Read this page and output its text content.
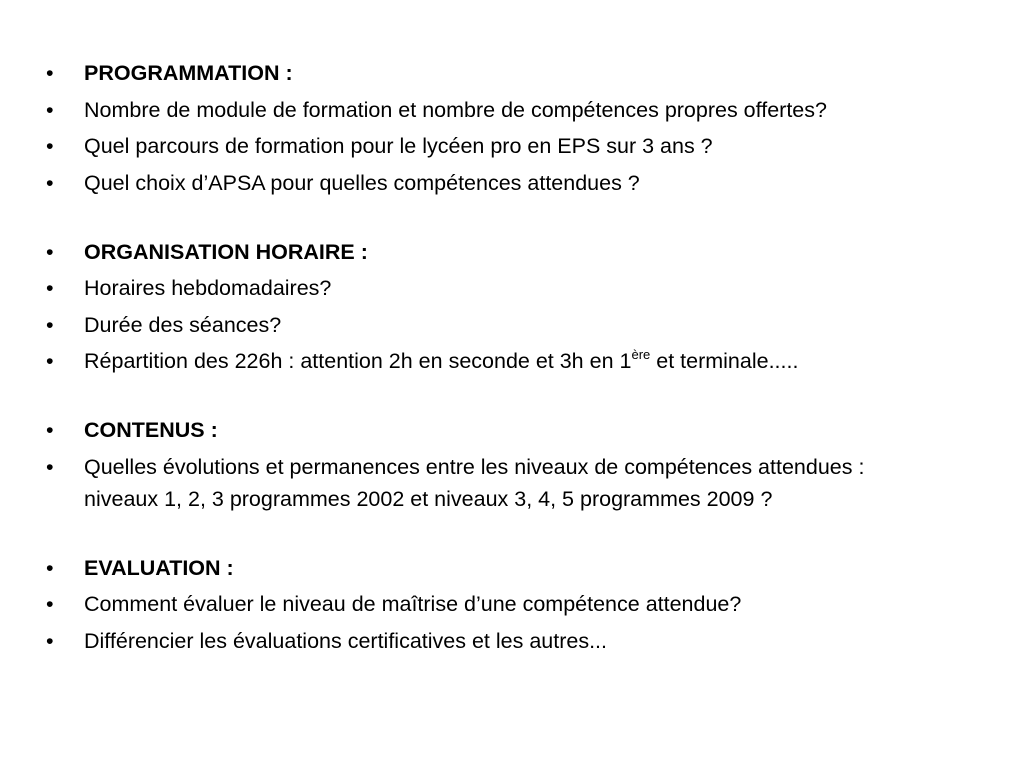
•	PROGRAMMATION :
•	Nombre de module de formation et nombre de compétences propres offertes?
•	Quel parcours de formation pour le lycéen pro en EPS sur 3 ans ?
•	Quel choix d’APSA pour quelles compétences attendues ?
•	ORGANISATION HORAIRE :
•	Horaires hebdomadaires?
•	Durée des séances?
•	Répartition des 226h : attention 2h en seconde et 3h en 1ère et terminale.....
•	CONTENUS :
•	Quelles évolutions et permanences entre les niveaux de compétences attendues : niveaux 1, 2, 3 programmes 2002 et niveaux 3, 4, 5 programmes 2009 ?
•	EVALUATION :
•	Comment évaluer le niveau de maîtrise d’une compétence attendue?
•	Différencier les évaluations certificatives et les autres...
